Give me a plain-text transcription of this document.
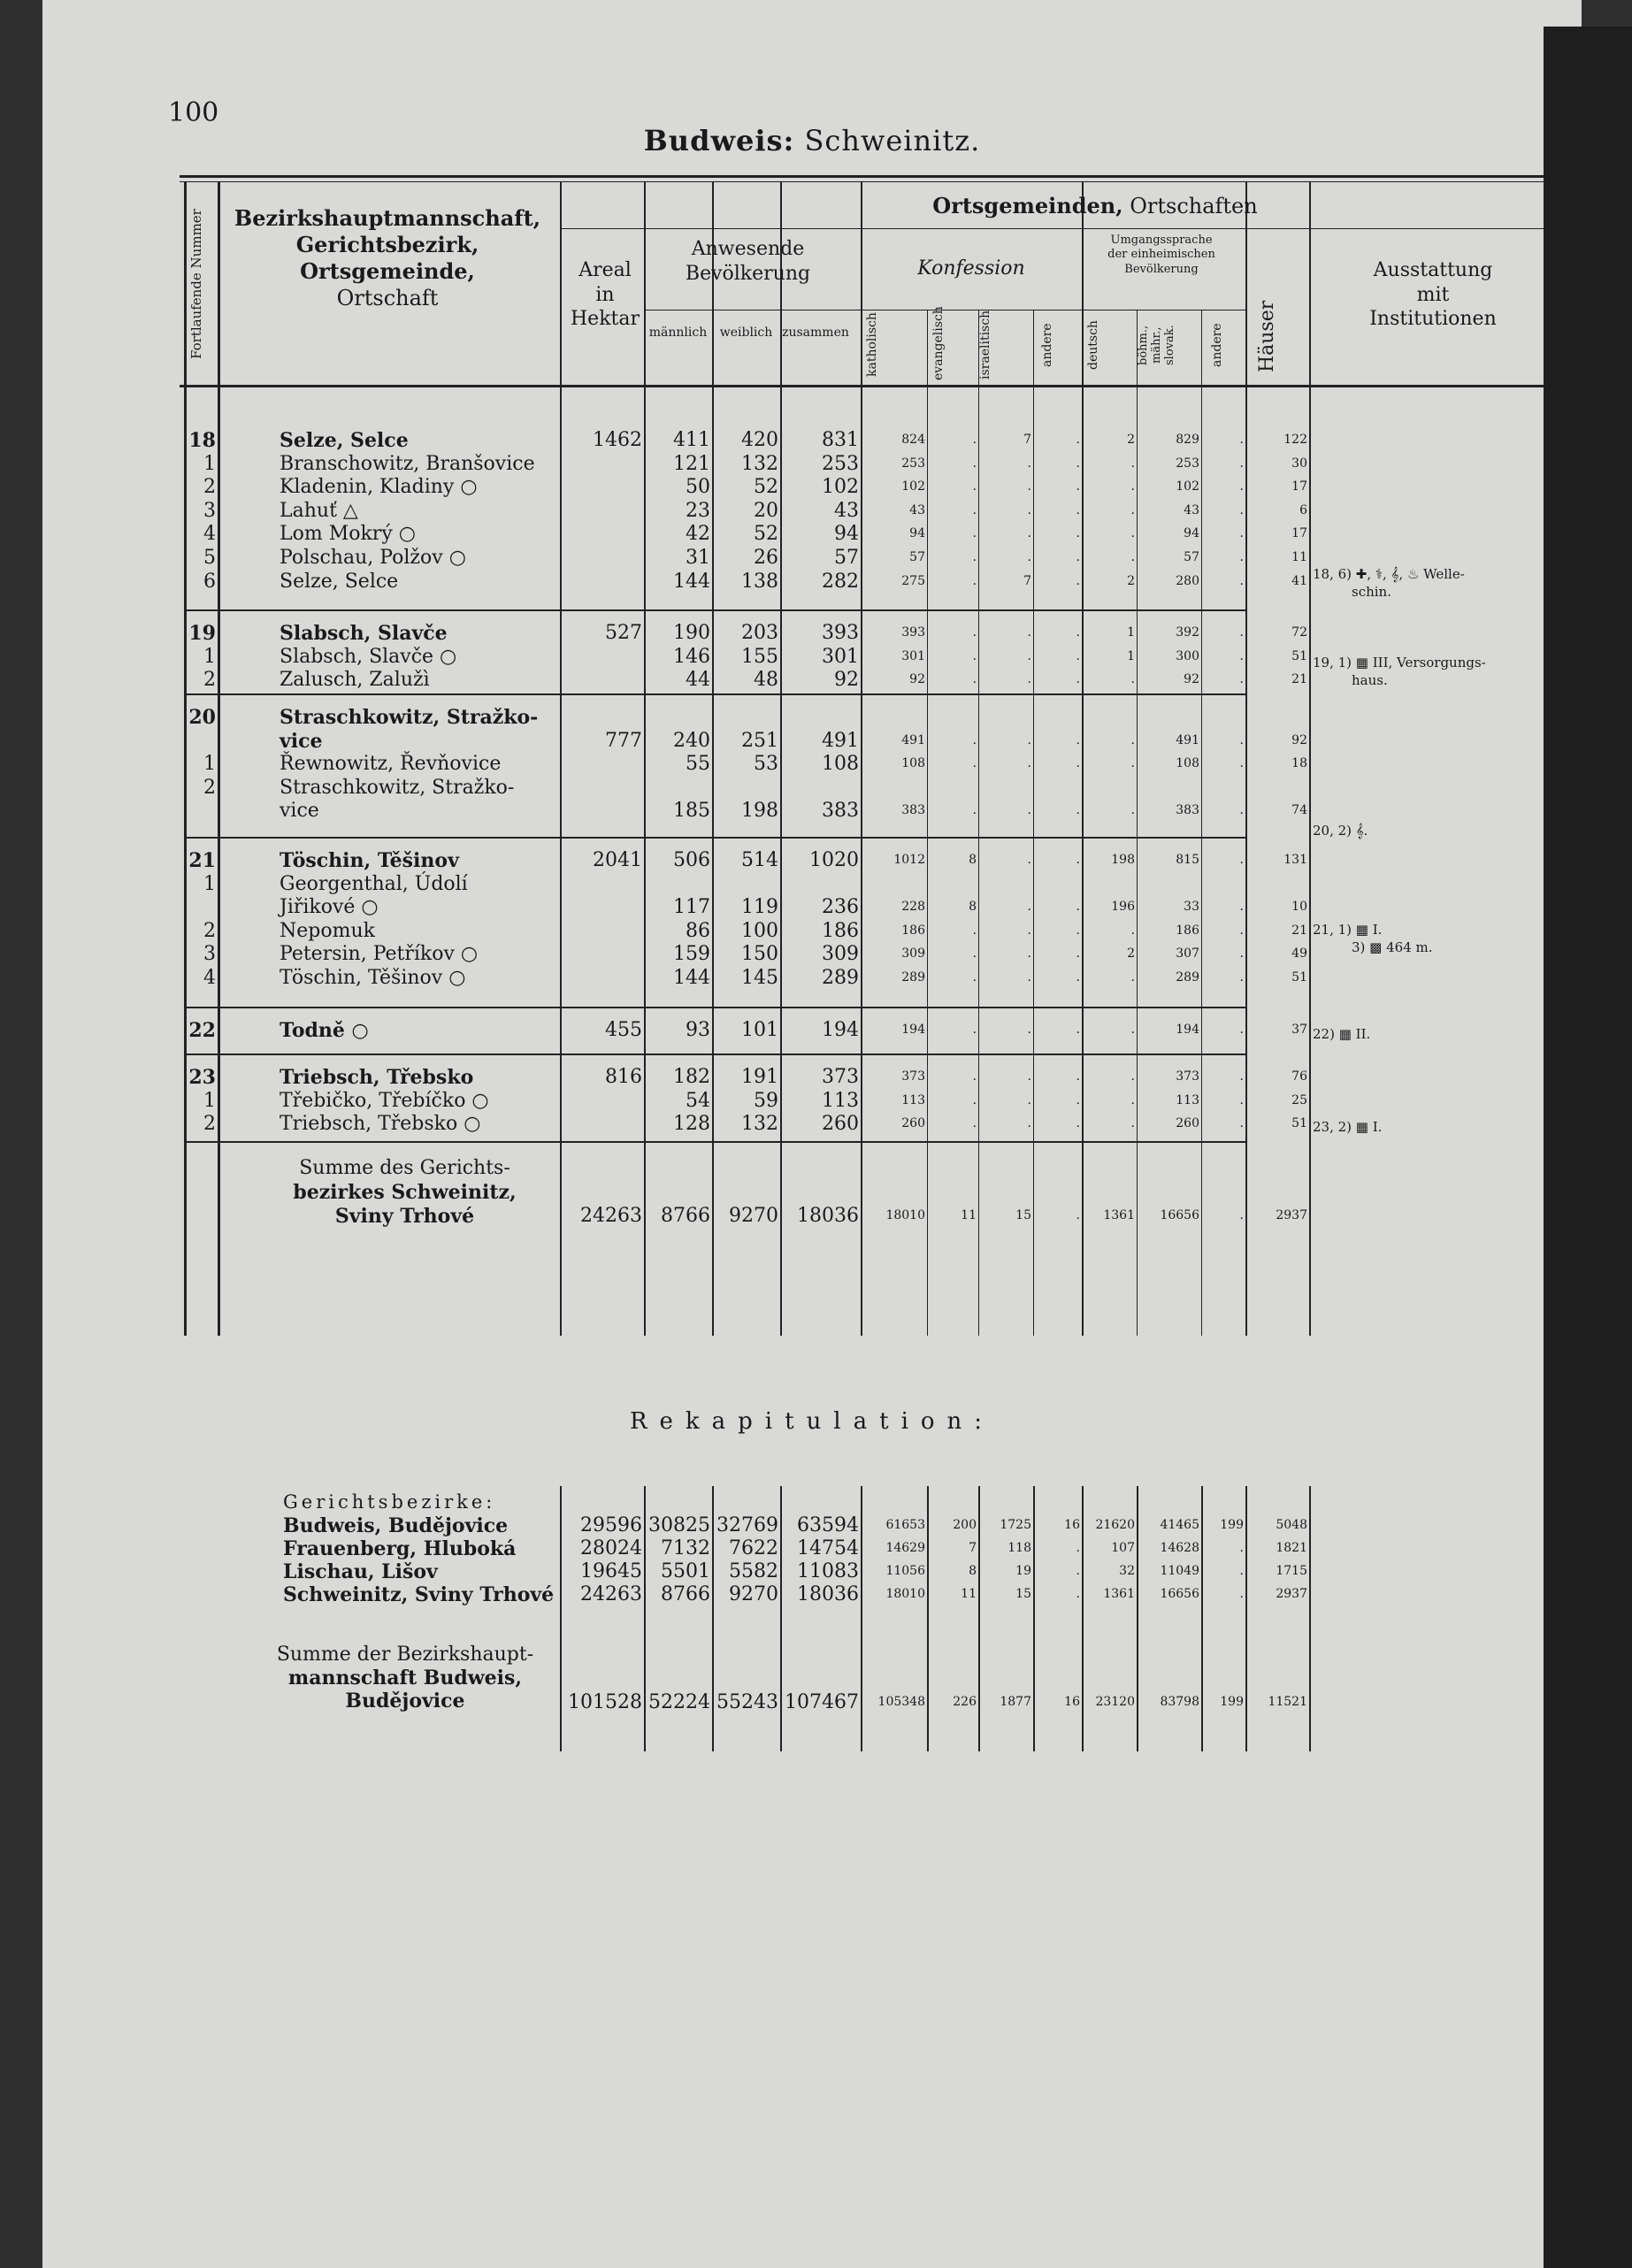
100
Budweis: Schweinitz.
Fortlaufende Nummer	Bezirkshauptmannschaft,
Gerichtsbezirk,
Ortsgemeinde,
Ortschaft
Ortsgemeinden, Ortschaften
Areal
in
Hektar
Anwesende
Bevölkerung
männlich	weiblich zusammen
Konfession
Umgangssprache
der einheimischen
Bevölkerung
katholisch	evangelisch	israelitisch	andere	deutsch	böhm., mähr., slovak.	andere	Häuser
Ausstattung
mit
Institutionen
18	Selze, Selce	1462	411	420	831	824	.	7	.	2	829	.	122
1	Branschowitz, Branšovice	121	132	253	253	.	.	.	.	253	.	30
2	Kladenin, Kladiny ○	50	52	102	102	.	.	.	.	102	.	17
3	Lahuť △	23	20	43	43	.	.	.	.	43	.	6
4	Lom Mokrý ○	42	52	94	94	.	.	.	.	94	.	17
5	Polschau, Polžov ○	31	26	57	57	.	.	.	.	57	.	11
6	Selze, Selce	144	138	282	275	.	7	.	2	280	.	41
19	Slabsch, Slavče	527	190	203	393	393	.	.	.	1	392	.	72
1	Slabsch, Slavče ○	146	155	301	301	.	.	.	1	300	.	51
2	Zalusch, Zalužì	44	48	92	92	.	.	.	.	92	.	21
20	Straschkowitz, Stražko-
vice	777	240	251	491	491	.	.	.	.	491	.	92
1	Řewnowitz, Řevňovice	55	53	108	108	.	.	.	.	108	.	18
2	Straschkowitz, Stražko-
vice	185	198	383	383	.	.	.	.	383	.	74
21	Töschin, Těšinov	2041	506	514	1020	1012	8	.	.	198	815	.	131
1	Georgenthal, Údolí
Jiřikové ○	117	119	236	228	8	.	.	196	33	.	10
2	Nepomuk	86	100	186	186	.	.	.	.	186	.	21
3	Petersin, Petříkov ○	159	150	309	309	.	.	.	2	307	.	49
4	Töschin, Těšinov ○	144	145	289	289	.	.	.	.	289	.	51
22	Todně ○	455	93	101	194	194	.	.	.	.	194	.	37
23	Triebsch, Třebsko	816	182	191	373	373	.	.	.	.	373	.	76
1	Třebičko, Třebíčko ○	54	59	113	113	.	.	.	.	113	.	25
2	Triebsch, Třebsko ○	128	132	260	260	.	.	.	.	260	.	51
Summe des Gerichts-
bezirkes Schweinitz,
Sviny Trhové	24263 8766 9270 18036	18010	11	15	.	1361	16656	.	2937
18, 6) ✚, ⚕, 𝄞, ♨ Welle-
schin.
19, 1) ▦ III, Versorgungs-
haus.
20, 2) 𝄞.
21, 1) ▦ I.
3) ▩ 464 m.
22) ▦ II.
23, 2) ▦ I.
Rekapitulation:
Gerichtsbezirke:
Budweis, Budějovice	29596 30825 32769 63594	61653	200	1725	16	21620	41465	199	5048
Frauenberg, Hluboká	28024 7132 7622 14754	14629	7	118	.	107	14628	.	1821
Lischau, Lišov	19645 5501 5582 11083	11056	8	19	.	32	11049	.	1715
Schweinitz, Sviny Trhové	24263 8766 9270 18036	18010	11	15	.	1361	16656	.	2937
Summe der Bezirkshaupt-
mannschaft Budweis,
Budějovice	101528 52224 55243 107467	105348	226	1877	16	23120	83798	199	11521
